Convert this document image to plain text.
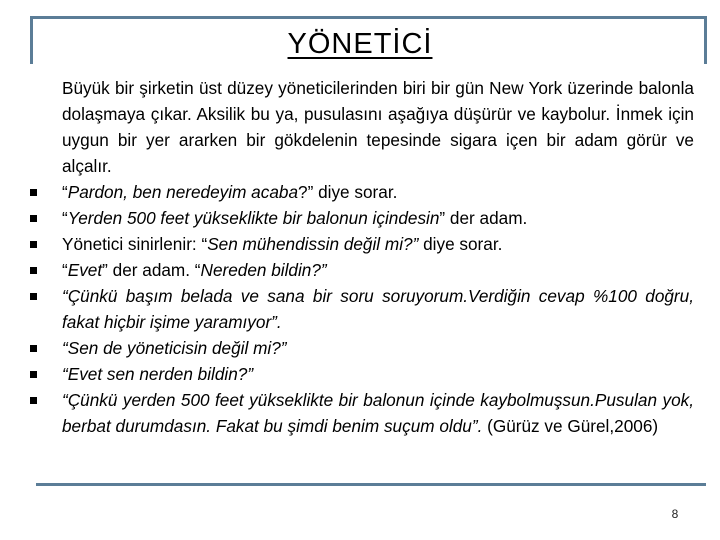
YÖNETİCİ
Büyük bir şirketin üst düzey yöneticilerinden biri bir gün New York üzerinde balonla dolaşmaya çıkar. Aksilik bu ya, pusulasını aşağıya düşürür ve kaybolur. İnmek için uygun bir yer ararken bir gökdelenin tepesinde sigara içen bir adam görür ve alçalır.
“Pardon, ben neredeyim acaba?” diye sorar.
“Yerden 500 feet yükseklikte bir balonun içindesin” der adam.
Yönetici sinirlenir: “Sen mühendissin değil mi?” diye sorar.
“Evet” der adam. “Nereden bildin?”
“Çünkü başım belada ve sana bir soru soruyorum.Verdiğin cevap %100 doğru, fakat hiçbir işime yaramıyor”.
“Sen de yöneticisin değil mi?”
“Evet sen nerden bildin?”
“Çünkü yerden 500 feet yükseklikte bir balonun içinde kaybolmuşsun.Pusulan yok, berbat durumdasın. Fakat bu şimdi benim suçum oldu”. (Gürüz ve Gürel,2006)
8
